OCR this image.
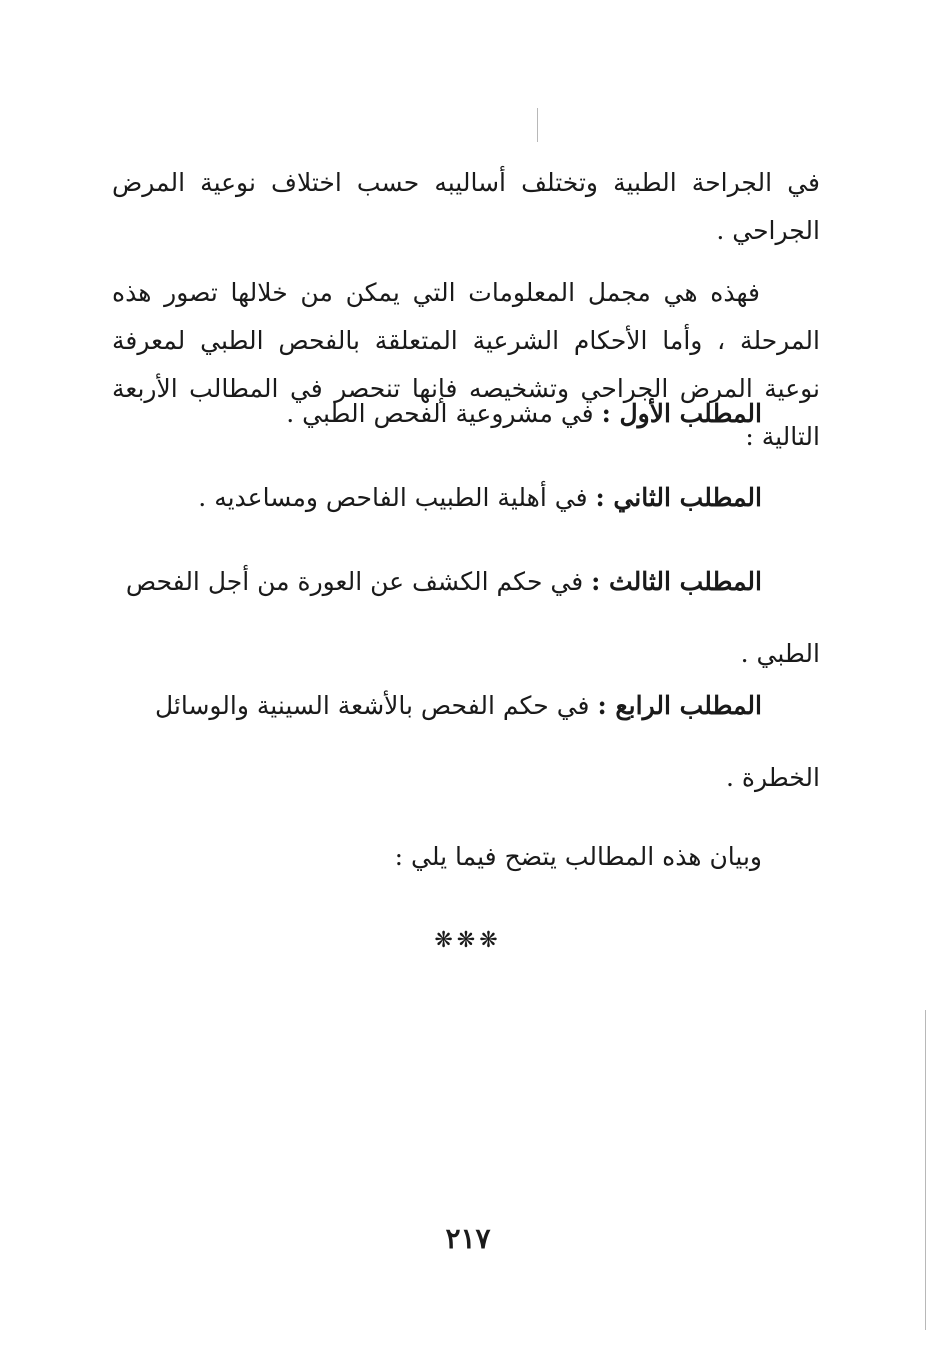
في الجراحة الطبية وتختلف أساليبه حسب اختلاف نوعية المرض الجراحي .

فهذه هي مجمل المعلومات التي يمكن من خلالها تصور هذه المرحلة ، وأما الأحكام الشرعية المتعلقة بالفحص الطبي لمعرفة نوعية المرض الجراحي وتشخيصه فإنها تنحصر في المطالب الأربعة التالية :

المطلب الأول : في مشروعية الفحص الطبي .
المطلب الثاني : في أهلية الطبيب الفاحص ومساعديه .
المطلب الثالث : في حكم الكشف عن العورة من أجل الفحص
الطبي .
المطلب الرابع : في حكم الفحص بالأشعة السينية والوسائل
الخطرة .

وبيان هذه المطالب يتضح فيما يلي :

❋❋❋
٢١٧
